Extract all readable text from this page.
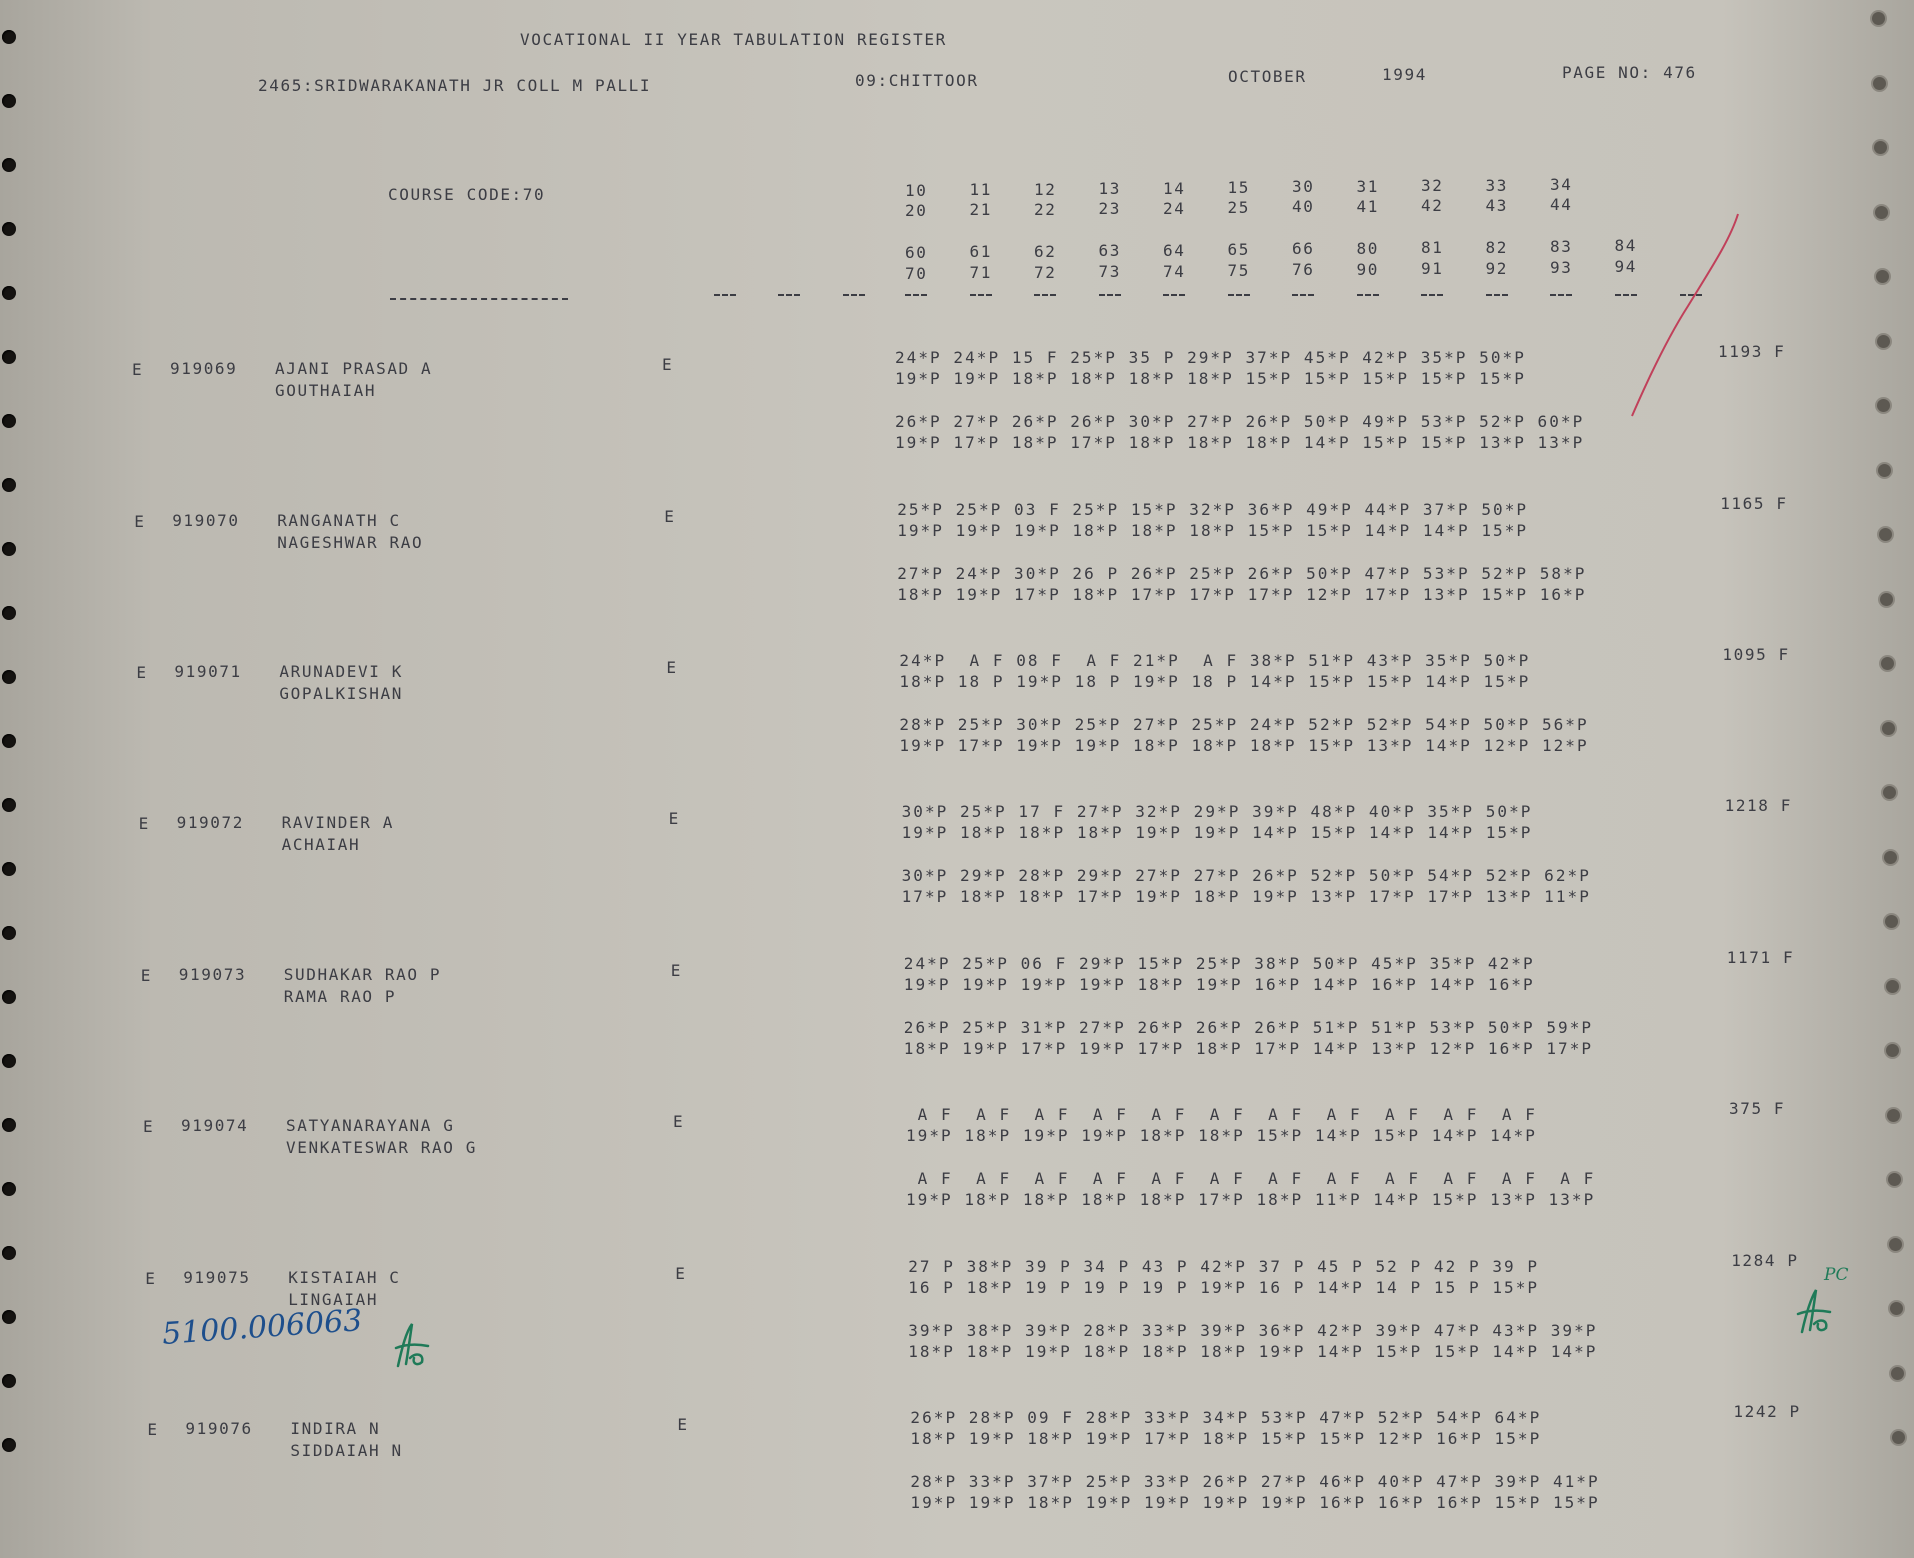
VOCATIONAL II YEAR TABULATION REGISTER
2465:SRIDWARAKANATH JR COLL M PALLI	09:CHITTOOR	OCTOBER	1994	PAGE NO: 476
COURSE CODE:70	10	11	12	13	14	15	30	31	32	33	34
20	21	22	23	24	25	40	41	42	43	44
60	61	62	63	64	65	66	80	81	82	83	84
70	71	72	73	74	75	76	90	91	92	93	94
E 919069 AJANI PRASAD A
GOUTHAIAH
E	24*P 24*P 15 F 25*P 35 P 29*P 37*P 45*P 42*P 35*P 50*P
19*P 19*P 18*P 18*P 18*P 18*P 15*P 15*P 15*P 15*P 15*P
26*P 27*P 26*P 26*P 30*P 27*P 26*P 50*P 49*P 53*P 52*P 60*P
19*P 17*P 18*P 17*P 18*P 18*P 18*P 14*P 15*P 15*P 13*P 13*P
1193 F
E 919070 RANGANATH C
NAGESHWAR RAO
E	25*P 25*P 03 F 25*P 15*P 32*P 36*P 49*P 44*P 37*P 50*P
19*P 19*P 19*P 18*P 18*P 18*P 15*P 15*P 14*P 14*P 15*P
27*P 24*P 30*P 26 P 26*P 25*P 26*P 50*P 47*P 53*P 52*P 58*P
18*P 19*P 17*P 18*P 17*P 17*P 17*P 12*P 17*P 13*P 15*P 16*P
1165 F
E 919071 ARUNADEVI K
GOPALKISHAN
E	24*P  A F 08 F  A F 21*P  A F 38*P 51*P 43*P 35*P 50*P
18*P 18 P 19*P 18 P 19*P 18 P 14*P 15*P 15*P 14*P 15*P
28*P 25*P 30*P 25*P 27*P 25*P 24*P 52*P 52*P 54*P 50*P 56*P
19*P 17*P 19*P 19*P 18*P 18*P 18*P 15*P 13*P 14*P 12*P 12*P
1095 F
E 919072 RAVINDER A
ACHAIAH
E	30*P 25*P 17 F 27*P 32*P 29*P 39*P 48*P 40*P 35*P 50*P
19*P 18*P 18*P 18*P 19*P 19*P 14*P 15*P 14*P 14*P 15*P
30*P 29*P 28*P 29*P 27*P 27*P 26*P 52*P 50*P 54*P 52*P 62*P
17*P 18*P 18*P 17*P 19*P 18*P 19*P 13*P 17*P 17*P 13*P 11*P
1218 F
E 919073 SUDHAKAR RAO P
RAMA RAO P
E	24*P 25*P 06 F 29*P 15*P 25*P 38*P 50*P 45*P 35*P 42*P
19*P 19*P 19*P 19*P 18*P 19*P 16*P 14*P 16*P 14*P 16*P
26*P 25*P 31*P 27*P 26*P 26*P 26*P 51*P 51*P 53*P 50*P 59*P
18*P 19*P 17*P 19*P 17*P 18*P 17*P 14*P 13*P 12*P 16*P 17*P
1171 F
E 919074 SATYANARAYANA G
VENKATESWAR RAO G
E	A F  A F  A F  A F  A F  A F  A F  A F  A F  A F  A F
19*P 18*P 19*P 19*P 18*P 18*P 15*P 14*P 15*P 14*P 14*P
A F  A F  A F  A F  A F  A F  A F  A F  A F  A F  A F  A F
19*P 18*P 18*P 18*P 18*P 17*P 18*P 11*P 14*P 15*P 13*P 13*P
375 F
E 919075 KISTAIAH C
LINGAIAH
E	27 P 38*P 39 P 34 P 43 P 42*P 37 P 45 P 52 P 42 P 39 P
16 P 18*P 19 P 19 P 19 P 19*P 16 P 14*P 14 P 15 P 15*P
39*P 38*P 39*P 28*P 33*P 39*P 36*P 42*P 39*P 47*P 43*P 39*P
18*P 18*P 19*P 18*P 18*P 18*P 19*P 14*P 15*P 15*P 14*P 14*P
1284 P
E 919076 INDIRA N
SIDDAIAH N
E	26*P 28*P 09 F 28*P 33*P 34*P 53*P 47*P 52*P 54*P 64*P
18*P 19*P 18*P 19*P 17*P 18*P 15*P 15*P 12*P 16*P 15*P
28*P 33*P 37*P 25*P 33*P 26*P 27*P 46*P 40*P 47*P 39*P 41*P
19*P 19*P 18*P 19*P 19*P 19*P 19*P 16*P 16*P 16*P 15*P 15*P
1242 P
5100.006063
PC
